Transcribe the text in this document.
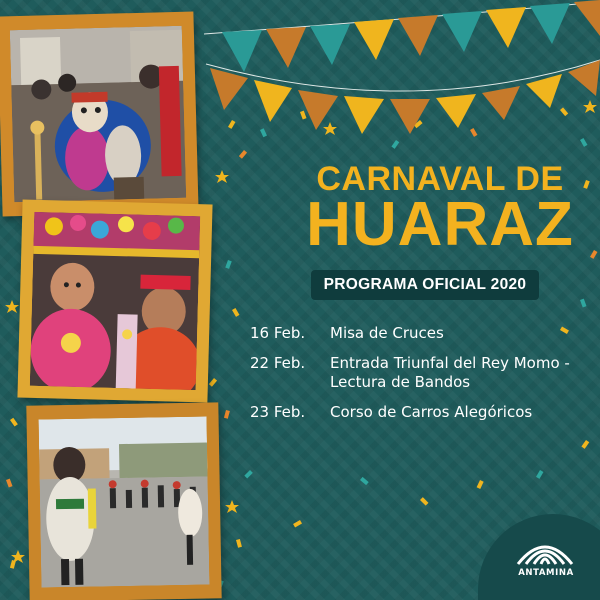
CARNAVAL DE
HUARAZ
PROGRAMA OFICIAL 2020
16 Feb.	Misa de Cruces
22 Feb.	Entrada Triunfal del Rey Momo - Lectura de Bandos
23 Feb.	Corso de Carros Alegóricos
ANTAMINA
